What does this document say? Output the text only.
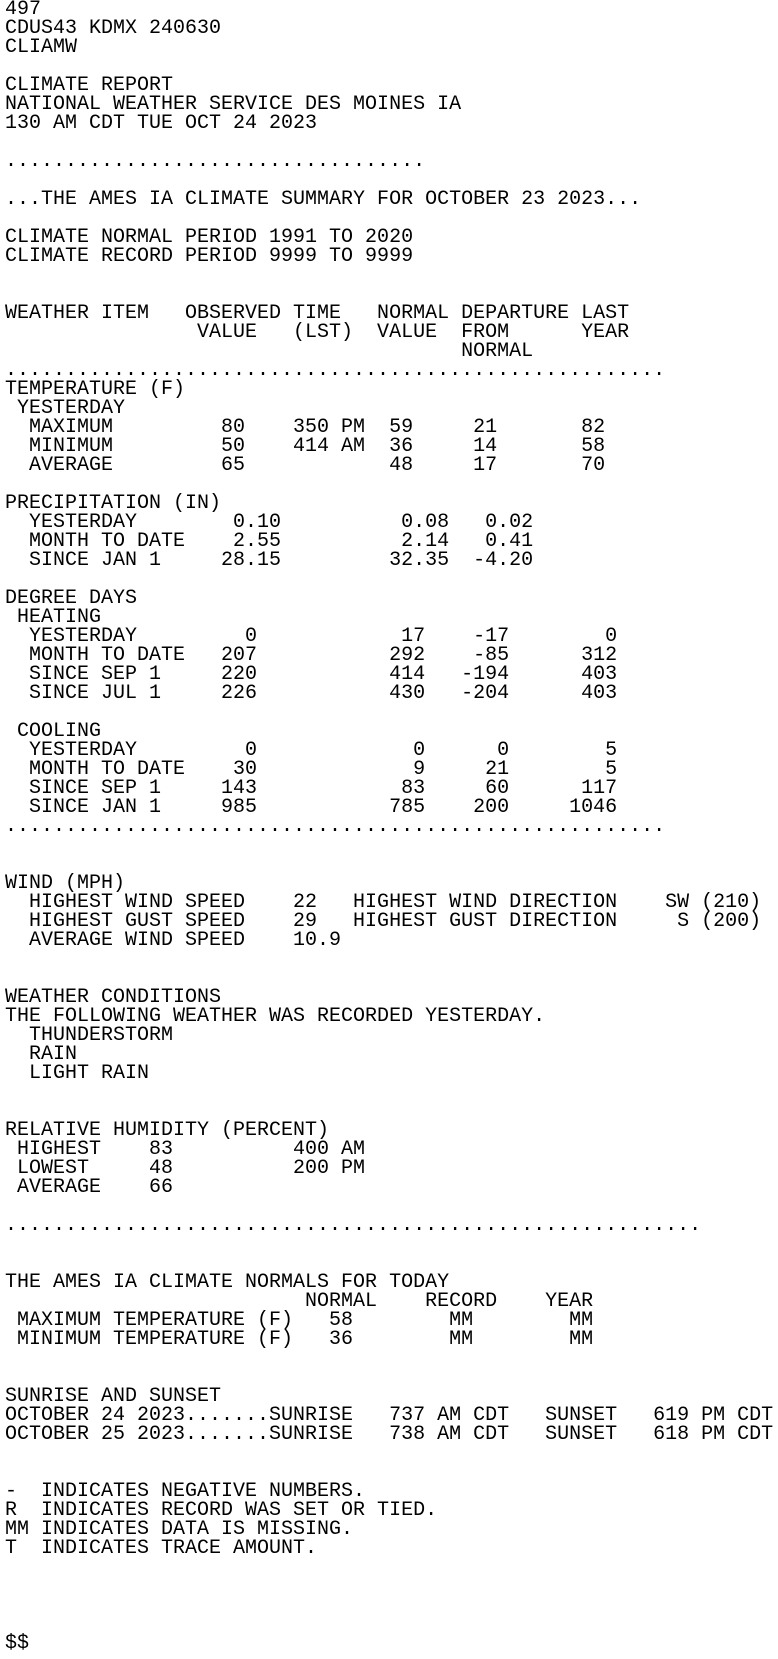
497
CDUS43 KDMX 240630
CLIAMW
CLIMATE REPORT
NATIONAL WEATHER SERVICE DES MOINES IA
130 AM CDT TUE OCT 24 2023
...................................
...THE AMES IA CLIMATE SUMMARY FOR OCTOBER 23 2023...
CLIMATE NORMAL PERIOD 1991 TO 2020
CLIMATE RECORD PERIOD 9999 TO 9999
WEATHER ITEM   OBSERVED TIME   NORMAL DEPARTURE LAST
VALUE   (LST)  VALUE  FROM      YEAR
NORMAL
.......................................................
TEMPERATURE (F)
YESTERDAY
MAXIMUM         80    350 PM  59     21       82
MINIMUM         50    414 AM  36     14       58
AVERAGE         65            48     17       70
PRECIPITATION (IN)
YESTERDAY        0.10          0.08   0.02
MONTH TO DATE    2.55          2.14   0.41
SINCE JAN 1     28.15         32.35  -4.20
DEGREE DAYS
HEATING
YESTERDAY         0            17    -17        0
MONTH TO DATE   207           292    -85      312
SINCE SEP 1     220           414   -194      403
SINCE JUL 1     226           430   -204      403
COOLING
YESTERDAY         0             0      0        5
MONTH TO DATE    30             9     21        5
SINCE SEP 1     143            83     60      117
SINCE JAN 1     985           785    200     1046
.......................................................
WIND (MPH)
HIGHEST WIND SPEED    22   HIGHEST WIND DIRECTION    SW (210)
HIGHEST GUST SPEED    29   HIGHEST GUST DIRECTION     S (200)
AVERAGE WIND SPEED    10.9
WEATHER CONDITIONS
THE FOLLOWING WEATHER WAS RECORDED YESTERDAY.
THUNDERSTORM
RAIN
LIGHT RAIN
RELATIVE HUMIDITY (PERCENT)
HIGHEST    83          400 AM
LOWEST     48          200 PM
AVERAGE    66
..........................................................
THE AMES IA CLIMATE NORMALS FOR TODAY
NORMAL    RECORD    YEAR
MAXIMUM TEMPERATURE (F)   58        MM        MM
MINIMUM TEMPERATURE (F)   36        MM        MM
SUNRISE AND SUNSET
OCTOBER 24 2023.......SUNRISE   737 AM CDT   SUNSET   619 PM CDT
OCTOBER 25 2023.......SUNRISE   738 AM CDT   SUNSET   618 PM CDT
-  INDICATES NEGATIVE NUMBERS.
R  INDICATES RECORD WAS SET OR TIED.
MM INDICATES DATA IS MISSING.
T  INDICATES TRACE AMOUNT.
$$
